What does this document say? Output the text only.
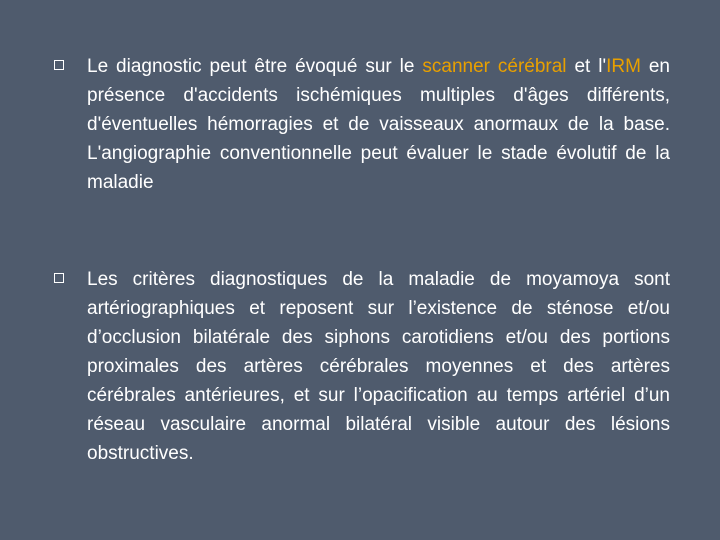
Le diagnostic peut être évoqué sur le scanner cérébral et l'IRM en présence d'accidents ischémiques multiples d'âges différents, d'éventuelles hémorragies et de vaisseaux anormaux de la base. L'angiographie conventionnelle peut évaluer le stade évolutif de la maladie

Les critères diagnostiques de la maladie de moyamoya sont artériographiques et reposent sur l’existence de sténose et/ou d’occlusion bilatérale des siphons carotidiens et/ou des portions proximales des artères cérébrales moyennes et des artères cérébrales antérieures, et sur l’opacification au temps artériel d’un réseau vasculaire anormal bilatéral visible autour des lésions obstructives.
